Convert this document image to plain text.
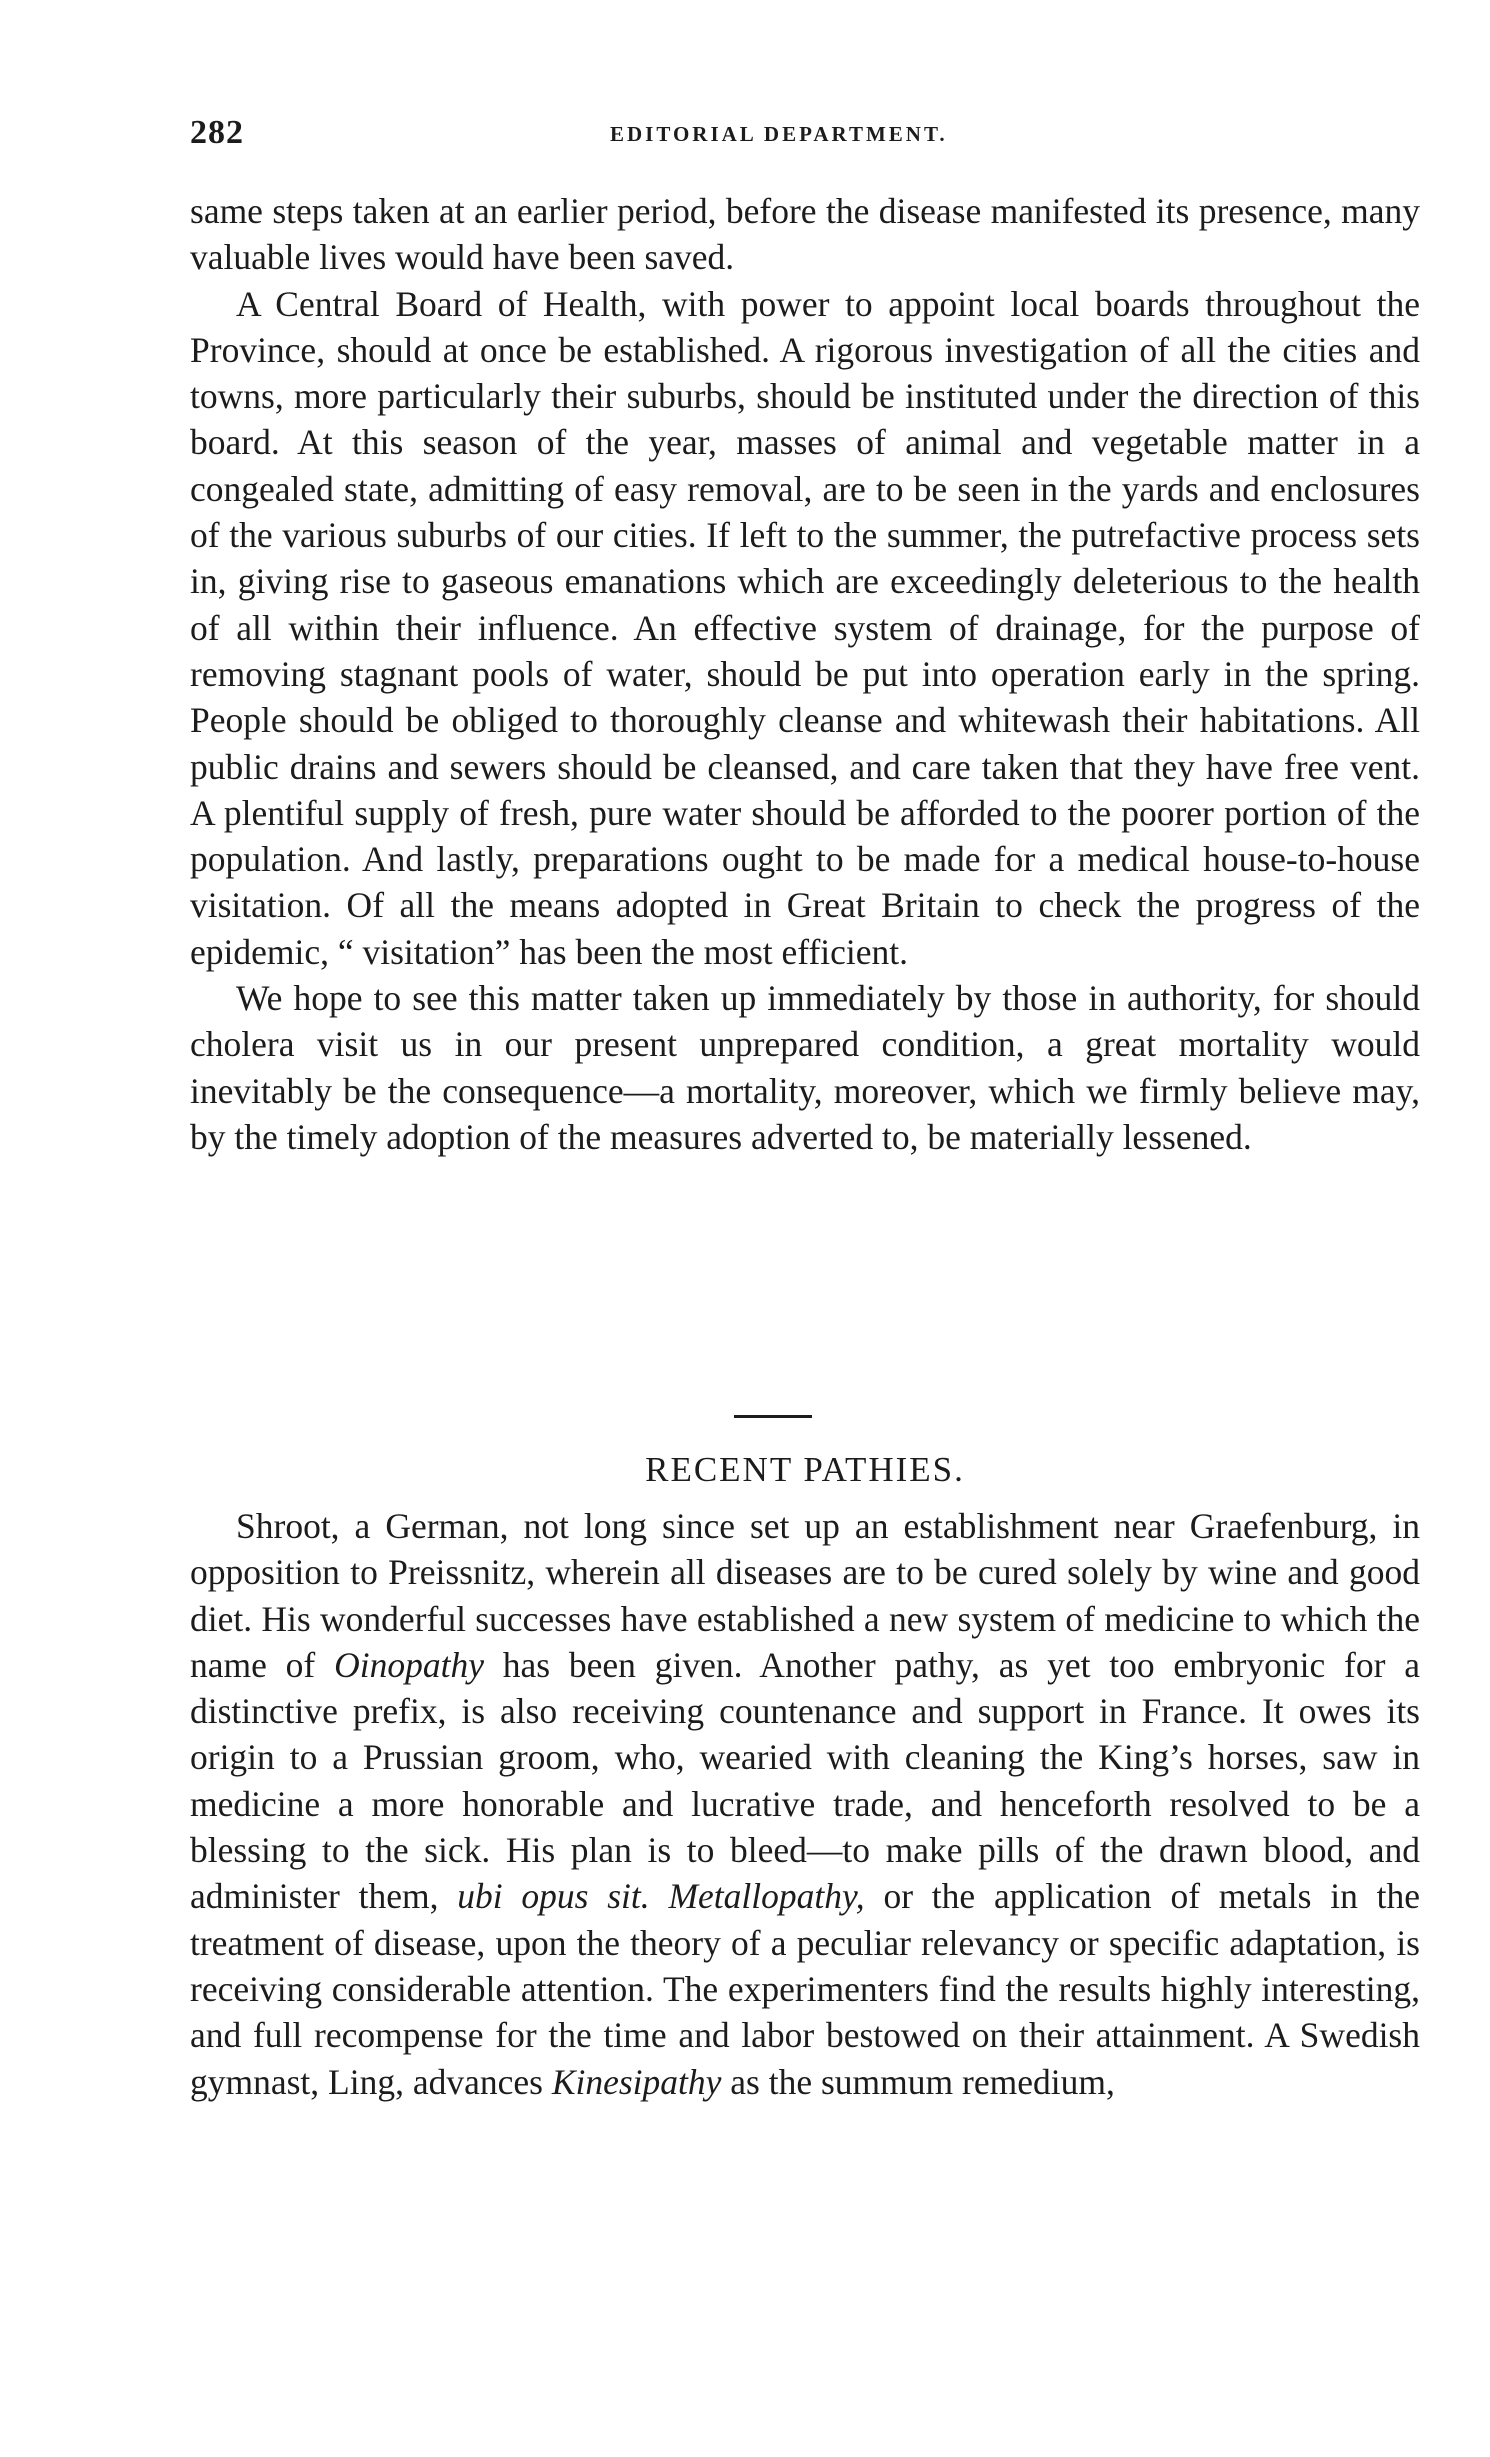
282	EDITORIAL DEPARTMENT.

same steps taken at an earlier period, before the disease manifested its presence, many valuable lives would have been saved.

A Central Board of Health, with power to appoint local boards throughout the Province, should at once be established. A rigorous investigation of all the cities and towns, more particularly their suburbs, should be instituted under the direction of this board. At this season of the year, masses of animal and vegetable matter in a congealed state, admitting of easy removal, are to be seen in the yards and enclosures of the various suburbs of our cities. If left to the summer, the putrefactive process sets in, giving rise to gaseous emanations which are exceedingly deleterious to the health of all within their influence. An effective system of drainage, for the purpose of removing stagnant pools of water, should be put into operation early in the spring. People should be obliged to thoroughly cleanse and whitewash their habitations. All public drains and sewers should be cleansed, and care taken that they have free vent. A plentiful supply of fresh, pure water should be afforded to the poorer portion of the population. And lastly, preparations ought to be made for a medical house-to-house visitation. Of all the means adopted in Great Britain to check the progress of the epidemic, “ visitation” has been the most efficient.

We hope to see this matter taken up immediately by those in authority, for should cholera visit us in our present unprepared condition, a great mortality would inevitably be the consequence—a mortality, moreover, which we firmly believe may, by the timely adoption of the measures adverted to, be materially lessened.

RECENT PATHIES.

Shroot, a German, not long since set up an establishment near Graefenburg, in opposition to Preissnitz, wherein all diseases are to be cured solely by wine and good diet. His wonderful successes have established a new system of medicine to which the name of Oinopathy has been given. Another pathy, as yet too embryonic for a distinctive prefix, is also receiving countenance and support in France. It owes its origin to a Prussian groom, who, wearied with cleaning the King’s horses, saw in medicine a more honorable and lucrative trade, and henceforth resolved to be a blessing to the sick. His plan is to bleed—to make pills of the drawn blood, and administer them, ubi opus sit. Metallopathy, or the application of metals in the treatment of disease, upon the theory of a peculiar relevancy or specific adaptation, is receiving considerable attention. The experimenters find the results highly interesting, and full recompense for the time and labor bestowed on their attainment. A Swedish gymnast, Ling, advances Kinesipathy as the summum remedium,
